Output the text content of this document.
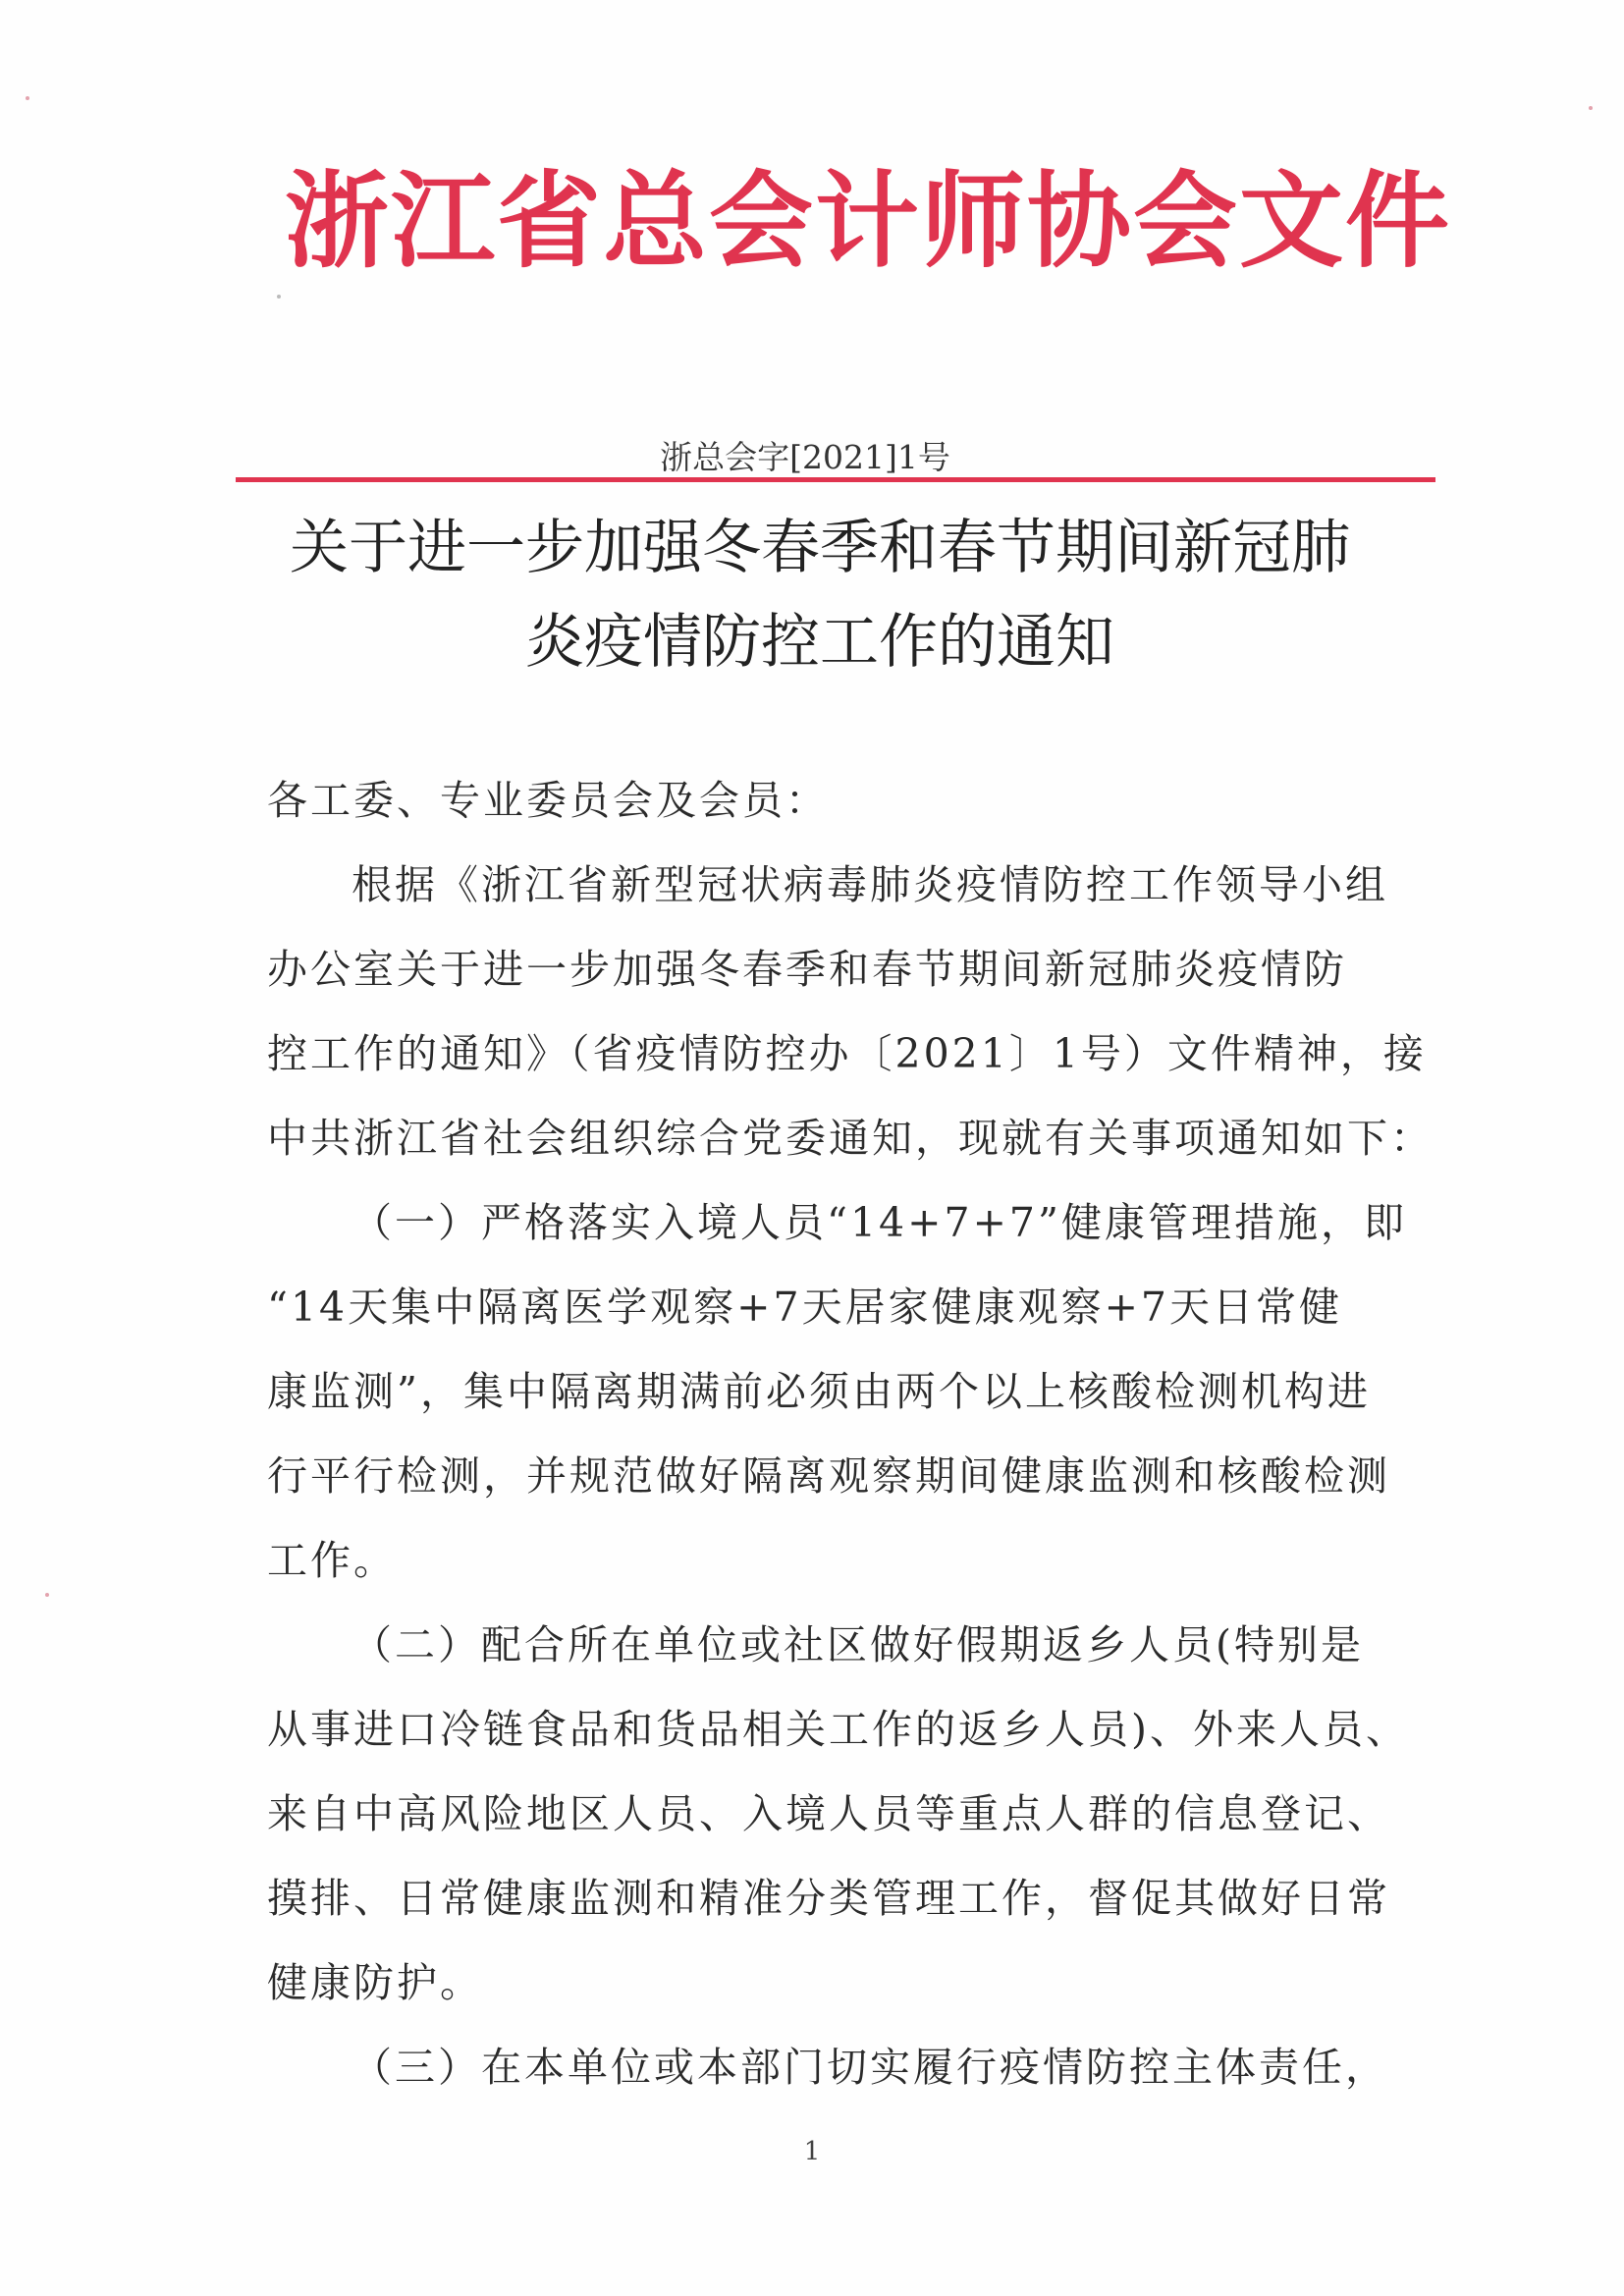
浙江省总会计师协会文件
浙总会字[2021]1号
关于进一步加强冬春季和春节期间新冠肺
炎疫情防控工作的通知
各工委、专业委员会及会员：
根据《浙江省新型冠状病毒肺炎疫情防控工作领导小组
办公室关于进一步加强冬春季和春节期间新冠肺炎疫情防
控工作的通知》（省疫情防控办〔2021〕1号）文件精神，接
中共浙江省社会组织综合党委通知，现就有关事项通知如下：
（一）严格落实入境人员“14+7+7”健康管理措施，即
“14天集中隔离医学观察+7天居家健康观察+7天日常健
康监测”，集中隔离期满前必须由两个以上核酸检测机构进
行平行检测，并规范做好隔离观察期间健康监测和核酸检测
工作。
（二）配合所在单位或社区做好假期返乡人员(特别是
从事进口冷链食品和货品相关工作的返乡人员)、外来人员、
来自中高风险地区人员、入境人员等重点人群的信息登记、
摸排、日常健康监测和精准分类管理工作，督促其做好日常
健康防护。
（三）在本单位或本部门切实履行疫情防控主体责任，
1
